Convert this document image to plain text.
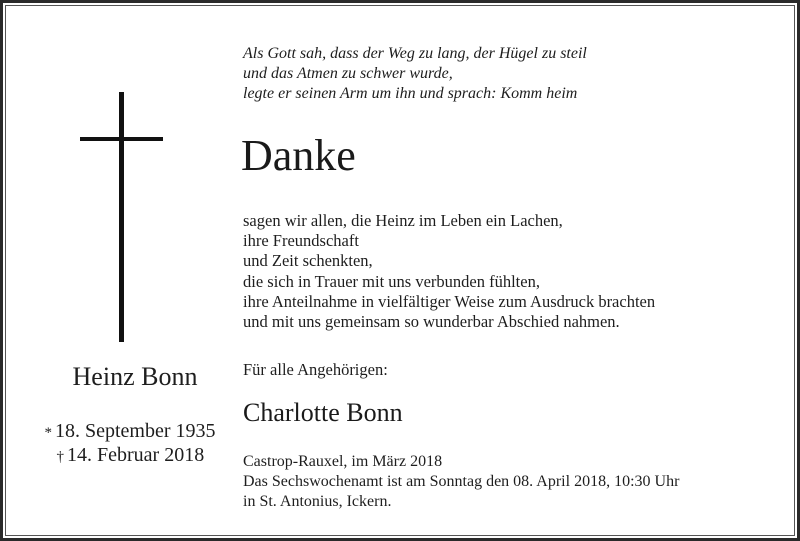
Heinz Bonn
* 18. September 1935
† 14. Februar 2018
Als Gott sah, dass der Weg zu lang, der Hügel zu steil
und das Atmen zu schwer wurde,
legte er seinen Arm um ihn und sprach: Komm heim
Danke
sagen wir allen, die Heinz im Leben ein Lachen,
ihre Freundschaft
und Zeit schenkten,
die sich in Trauer mit uns verbunden fühlten,
ihre Anteilnahme in vielfältiger Weise zum Ausdruck brachten
und mit uns gemeinsam so wunderbar Abschied nahmen.
Für alle Angehörigen:
Charlotte Bonn
Castrop-Rauxel, im März 2018
Das Sechswochenamt ist am Sonntag den 08. April 2018, 10:30 Uhr
in St. Antonius, Ickern.
